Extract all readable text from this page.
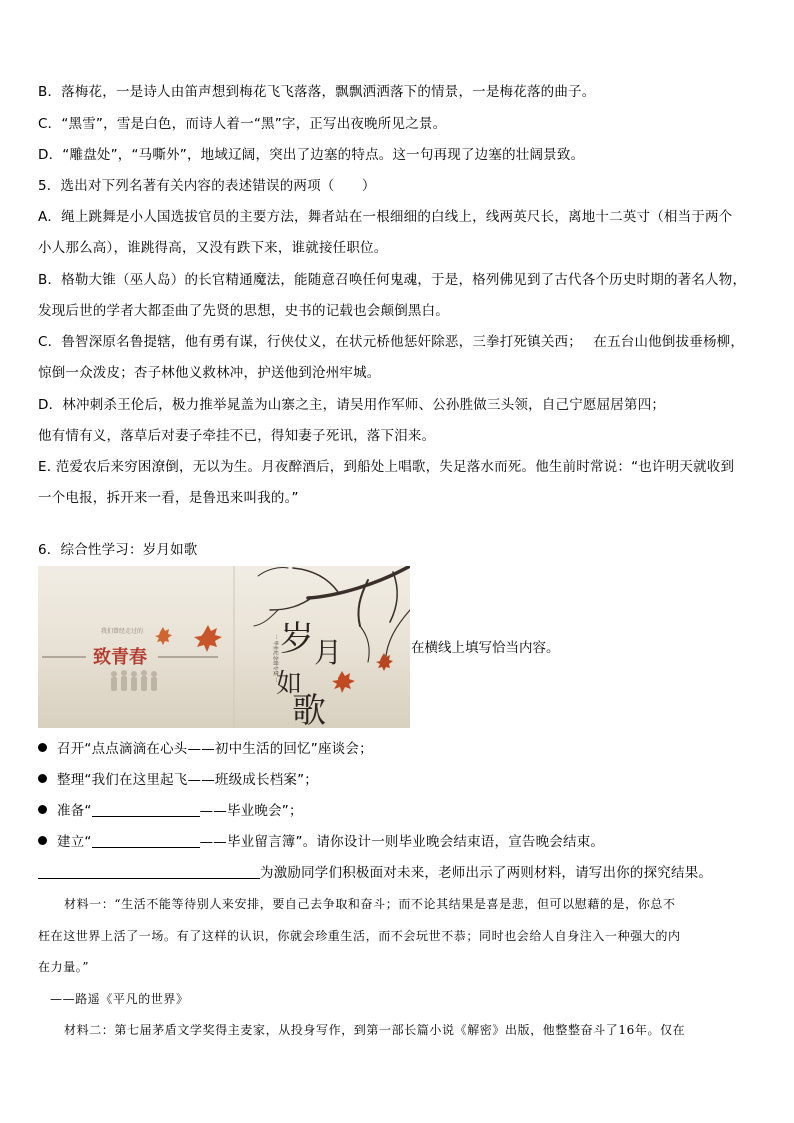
B．落梅花，一是诗人由笛声想到梅花飞飞落落，飘飘洒洒落下的情景，一是梅花落的曲子。
C．“黑雪”，雪是白色，而诗人着一“黑”字，正写出夜晚所见之景。
D．“雕盘处”，“马嘶外”，地域辽阔，突出了边塞的特点。这一句再现了边塞的壮阔景致。
5．选出对下列名著有关内容的表述错误的两项（　　）
A．绳上跳舞是小人国选拔官员的主要方法，舞者站在一根细细的白线上，线两英尺长，离地十二英寸（相当于两个
小人那么高），谁跳得高，又没有跌下来，谁就接任职位。
B．格勒大锥（巫人岛）的长官精通魔法，能随意召唤任何鬼魂，于是，格列佛见到了古代各个历史时期的著名人物，
发现后世的学者大都歪曲了先贤的思想，史书的记载也会颠倒黑白。
C．鲁智深原名鲁提辖，他有勇有谋，行侠仗义，在状元桥他惩奸除恶，三拳打死镇关西；　 在五台山他倒拔垂杨柳，
惊倒一众泼皮；杏子林他义救林冲，护送他到沧州牢城。
D．林冲刺杀王伦后，极力推举晁盖为山寨之主，请吴用作军师、公孙胜做三头领，自己宁愿屈居第四；
他有情有义，落草后对妻子牵挂不已，得知妻子死讯，落下泪来。
E. 范爱农后来穷困潦倒，无以为生。月夜醉酒后，到船处上唱歌，失足落水而死。他生前时常说：“也许明天就收到
一个电报，拆开来一看，是鲁迅来叫我的。”
6．综合性学习：岁月如歌
我们曾经走过的
致青春	岁 月
如
歌
一 毕业纪念册专集 一	在横线上填写恰当内容。
召开“点点滴滴在心头——初中生活的回忆”座谈会；
整理“我们在这里起飞——班级成长档案”；
准备“	——毕业晚会”；
建立“	——毕业留言簿”。请你设计一则毕业晚会结束语，宣告晚会结束。
为激励同学们积极面对未来，老师出示了两则材料，请写出你的探究结果。
材料一：“生活不能等待别人来安排，要自己去争取和奋斗；而不论其结果是喜是悲，但可以慰藉的是，你总不
枉在这世界上活了一场。有了这样的认识，你就会珍重生活，而不会玩世不恭；同时也会给人自身注入一种强大的内
在力量。”
——路遥《平凡的世界》
材料二：第七届茅盾文学奖得主麦家，从投身写作，到第一部长篇小说《解密》出版，他整整奋斗了16年。仅在
